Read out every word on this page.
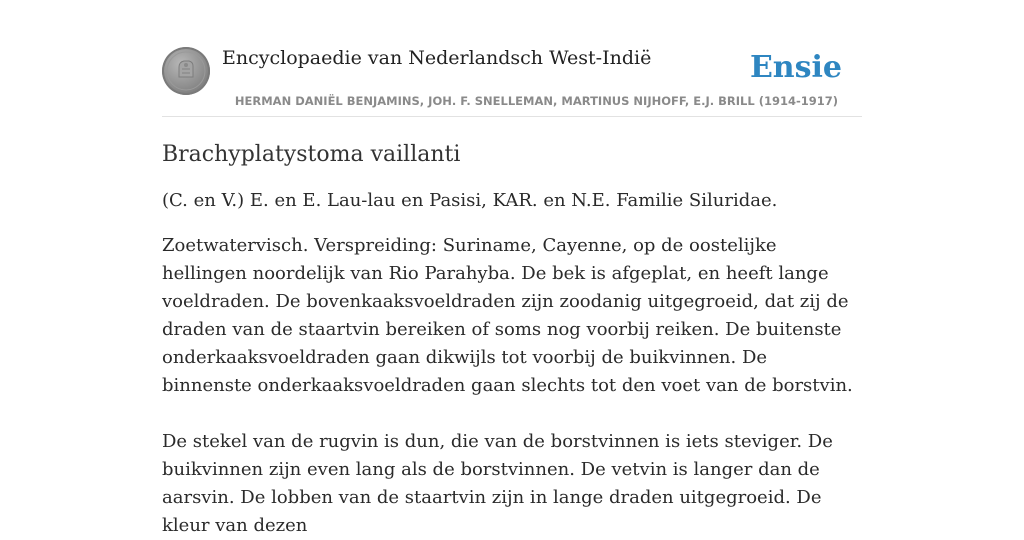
Encyclopaedie van Nederlandsch West-Indië	Ensie
HERMAN DANIËL BENJAMINS, JOH. F. SNELLEMAN, MARTINUS NIJHOFF, E.J. BRILL (1914-1917)
Brachyplatystoma vaillanti

(C. en V.) E. en E. Lau-lau en Pasisi, KAR. en N.E. Familie Siluridae.

Zoetwatervisch. Verspreiding: Suriname, Cayenne, op de oostelijke hellingen noordelijk van Rio Parahyba. De bek is afgeplat, en heeft lange voeldraden. De bovenkaaksvoeldraden zijn zoodanig uitgegroeid, dat zij de draden van de staartvin bereiken of soms nog voorbij reiken. De buitenste onderkaaksvoeldraden gaan dikwijls tot voorbij de buikvinnen. De binnenste onderkaaksvoeldraden gaan slechts tot den voet van de borstvin.

De stekel van de rugvin is dun, die van de borstvinnen is iets steviger. De buikvinnen zijn even lang als de borstvinnen. De vetvin is langer dan de aarsvin. De lobben van de staartvin zijn in lange draden uitgegroeid. De kleur van dezen
